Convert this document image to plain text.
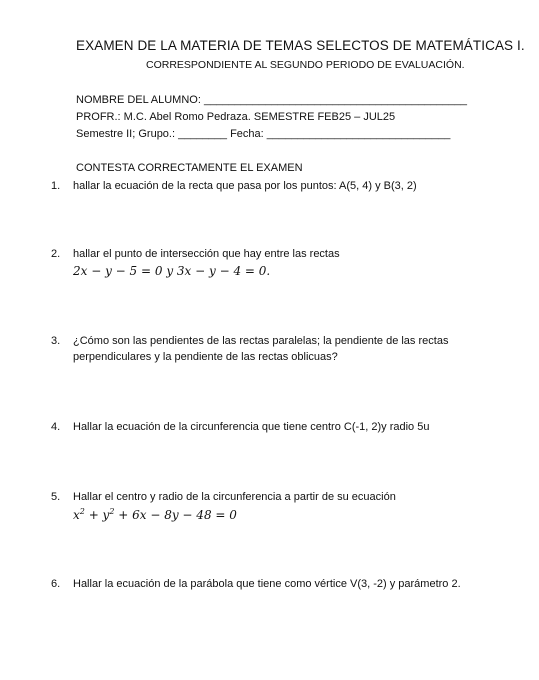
EXAMEN DE LA MATERIA DE TEMAS SELECTOS DE MATEMÁTICAS I.
CORRESPONDIENTE AL SEGUNDO PERIODO DE EVALUACIÓN.
NOMBRE DEL ALUMNO: ___________________________________________
PROFR.: M.C. Abel Romo Pedraza. SEMESTRE FEB25 – JUL25
Semestre II; Grupo.: ________ Fecha: ______________________________
CONTESTA CORRECTAMENTE EL EXAMEN
1. hallar la ecuación de la recta que pasa por los puntos: A(5, 4) y B(3, 2)
2. hallar el punto de intersección que hay entre las rectas
2x − y − 5 = 0 y 3x − y − 4 = 0.
3. ¿Cómo son las pendientes de las rectas paralelas; la pendiente de las rectas
perpendiculares y la pendiente de las rectas oblicuas?
4. Hallar la ecuación de la circunferencia que tiene centro C(-1, 2)y radio 5u
5. Hallar el centro y radio de la circunferencia a partir de su ecuación
$x^2 + y^2 + 6x - 8y - 48 = 0$
6. Hallar la ecuación de la parábola que tiene como vértice V(3, -2) y parámetro 2.
